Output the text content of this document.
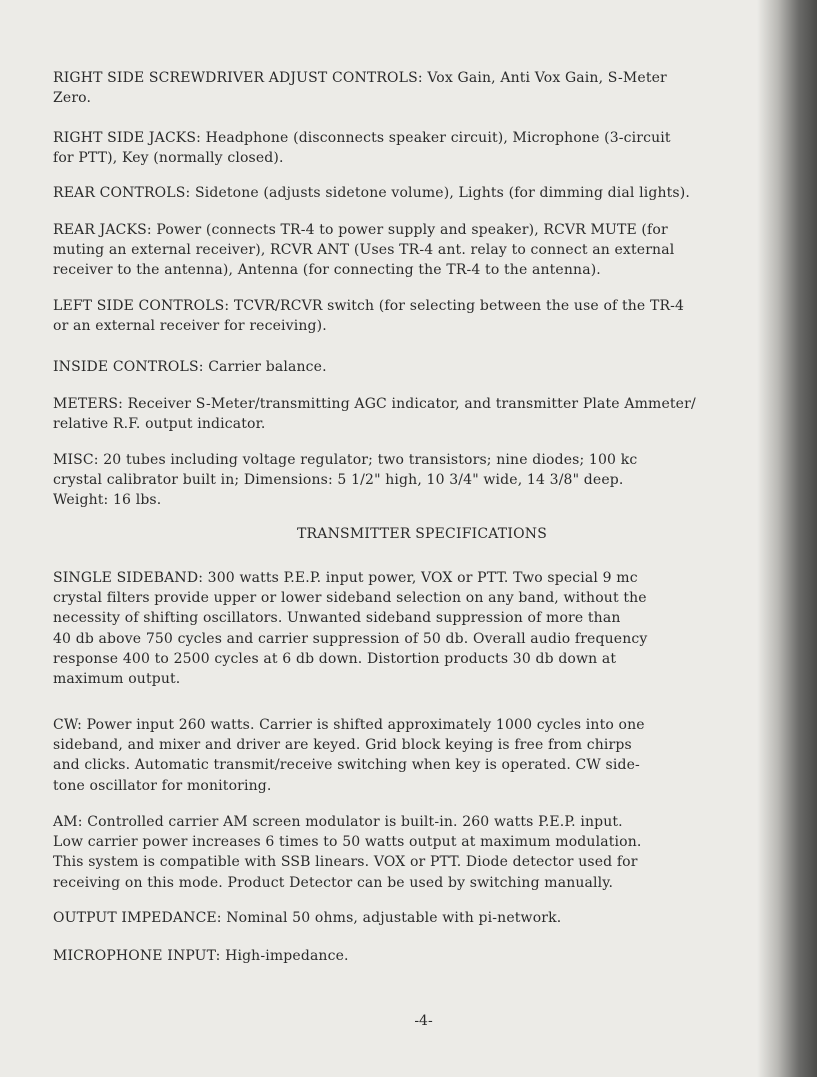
RIGHT SIDE SCREWDRIVER ADJUST CONTROLS: Vox Gain, Anti Vox Gain, S-Meter
Zero.
RIGHT SIDE JACKS: Headphone (disconnects speaker circuit), Microphone (3-circuit
for PTT), Key (normally closed).
REAR CONTROLS: Sidetone (adjusts sidetone volume), Lights (for dimming dial lights).
REAR JACKS: Power (connects TR-4 to power supply and speaker), RCVR MUTE (for
muting an external receiver), RCVR ANT (Uses TR-4 ant. relay to connect an external
receiver to the antenna), Antenna (for connecting the TR-4 to the antenna).
LEFT SIDE CONTROLS: TCVR/RCVR switch (for selecting between the use of the TR-4
or an external receiver for receiving).
INSIDE CONTROLS: Carrier balance.
METERS: Receiver S-Meter/transmitting AGC indicator, and transmitter Plate Ammeter/
relative R.F. output indicator.
MISC: 20 tubes including voltage regulator; two transistors; nine diodes; 100 kc
crystal calibrator built in; Dimensions: 5 1/2" high, 10 3/4" wide, 14 3/8" deep.
Weight: 16 lbs.
TRANSMITTER SPECIFICATIONS
SINGLE SIDEBAND: 300 watts P.E.P. input power, VOX or PTT. Two special 9 mc
crystal filters provide upper or lower sideband selection on any band, without the
necessity of shifting oscillators. Unwanted sideband suppression of more than
40 db above 750 cycles and carrier suppression of 50 db. Overall audio frequency
response 400 to 2500 cycles at 6 db down. Distortion products 30 db down at
maximum output.
CW: Power input 260 watts. Carrier is shifted approximately 1000 cycles into one
sideband, and mixer and driver are keyed. Grid block keying is free from chirps
and clicks. Automatic transmit/receive switching when key is operated. CW side-
tone oscillator for monitoring.
AM: Controlled carrier AM screen modulator is built-in. 260 watts P.E.P. input.
Low carrier power increases 6 times to 50 watts output at maximum modulation.
This system is compatible with SSB linears. VOX or PTT. Diode detector used for
receiving on this mode. Product Detector can be used by switching manually.
OUTPUT IMPEDANCE: Nominal 50 ohms, adjustable with pi-network.
MICROPHONE INPUT: High-impedance.
-4-
